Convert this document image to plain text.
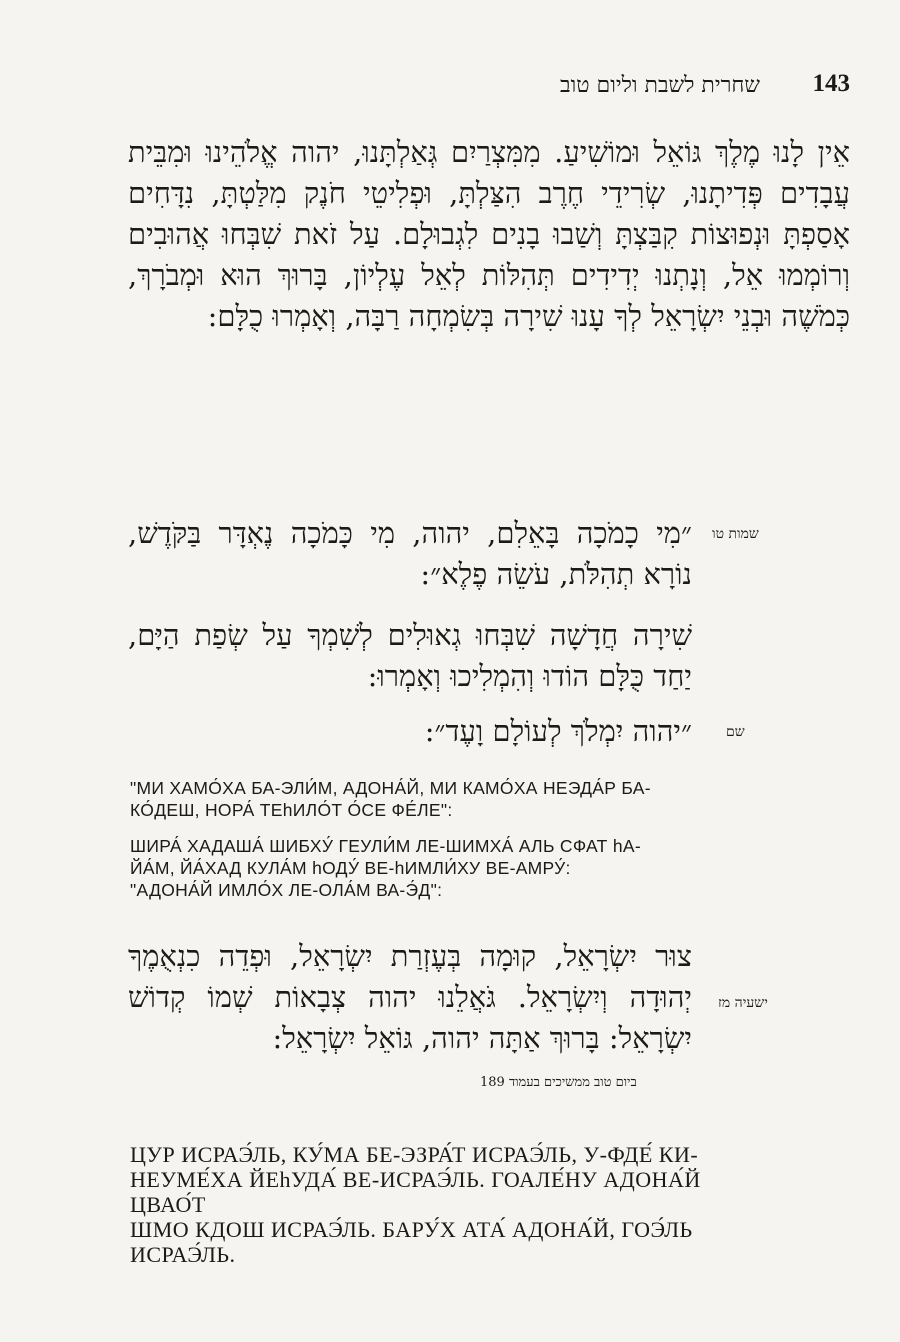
שחרית לשבת וליום טוב 143
אֵין לָנוּ מֶלֶךְ גּוֹאֵל וּמוֹשִׁיעַ. מִמִּצְרַיִם גְּאַלְתָּנוּ, יהוה אֱלֹהֵינוּ וּמִבֵּית עֲבָדִים פְּדִיתָנוּ, שְׂרִידֵי חֶרֶב הִצַּלְתָּ, וּפְלִיטֵי חֹנֶק מִלַּטְתָּ, נִדָּחִים אָסַפְתָּ וּנְפוּצוֹת קִבַּצְתָּ וְשַׁבוּ בָנִים לִגְבוּלָם. עַל זֹאת שִׁבְּחוּ אֲהוּבִים וְרוֹמְמוּ אֵל, וְנָתְנוּ יְדִידִים תְּהִלּוֹת לְאֵל עֶלְיוֹן, בָּרוּךְ הוּא וּמְבֹרָךְ, כְּמֹשֶׁה וּבְנֵי יִשְׂרָאֵל לְךָ עָנוּ שִׁירָה בְּשִׂמְחָה רַבָּה, וְאָמְרוּ כֻלָּם:
שמות טו
״מִי כָמֹכָה בָּאֵלִם, יהוה, מִי כָּמֹכָה נֶאְדָּר בַּקֹּדֶשׁ, נוֹרָא תְהִלֹּת, עֹשֵׂה פֶלֶא״:
שִׁירָה חֲדָשָׁה שִׁבְּחוּ גְאוּלִים לְשִׁמְךָ עַל שְׂפַת הַיָּם, יַחַד כֻּלָּם הוֹדוּ וְהִמְלִיכוּ וְאָמְרוּ:
שם
״יהוה יִמְלֹךְ לְעוֹלָם וָעֶד״:
"МИ ХАМО́ХА БА-ЭЛИ́М, АДОНА́Й, МИ КАМО́ХА НЕЭДА́Р БА-
КО́ДЕШ, НОРА́ ТЕhИЛО́Т О́СЕ ФЕ́ЛЕ":
ШИРА́ ХАДАША́ ШИБХУ́ ГЕУЛИ́М ЛЕ-ШИМХА́ АЛЬ СФАТ hА-
ЙА́М, ЙА́ХАД КУЛА́М hОДУ́ ВЕ-hИМЛИ́ХУ ВЕ-АМРУ́:
"АДОНА́Й ИМЛО́Х ЛЕ-ОЛА́М ВА-Э́Д":
ישעיה מז
צוּר יִשְׂרָאֵל, קוּמָה בְּעֶזְרַת יִשְׂרָאֵל, וּפְדֵה כִנְאֻמֶךָ יְהוּדָה וְיִשְׂרָאֵל. גֹּאֲלֵנוּ יהוה צְבָאוֹת שְׁמוֹ קְדוֹשׁ יִשְׂרָאֵל: בָּרוּךְ אַתָּה יהוה, גּוֹאֵל יִשְׂרָאֵל:
ביום טוב ממשיכים בעמוד 189
ЦУР ИСРАЭ́ЛЬ, КУ́МА БЕ-ЭЗРА́Т ИСРАЭ́ЛЬ, У-ФДЕ́ КИ-
НЕУМЕ́ХА ЙЕhУДА́ ВЕ-ИСРАЭ́ЛЬ. ГОАЛЕ́НУ АДОНА́Й ЦВАО́Т
ШМО КДОШ ИСРАЭ́ЛЬ. БАРУ́Х АТА́ АДОНА́Й, ГОЭ́ЛЬ ИСРАЭ́ЛЬ.
